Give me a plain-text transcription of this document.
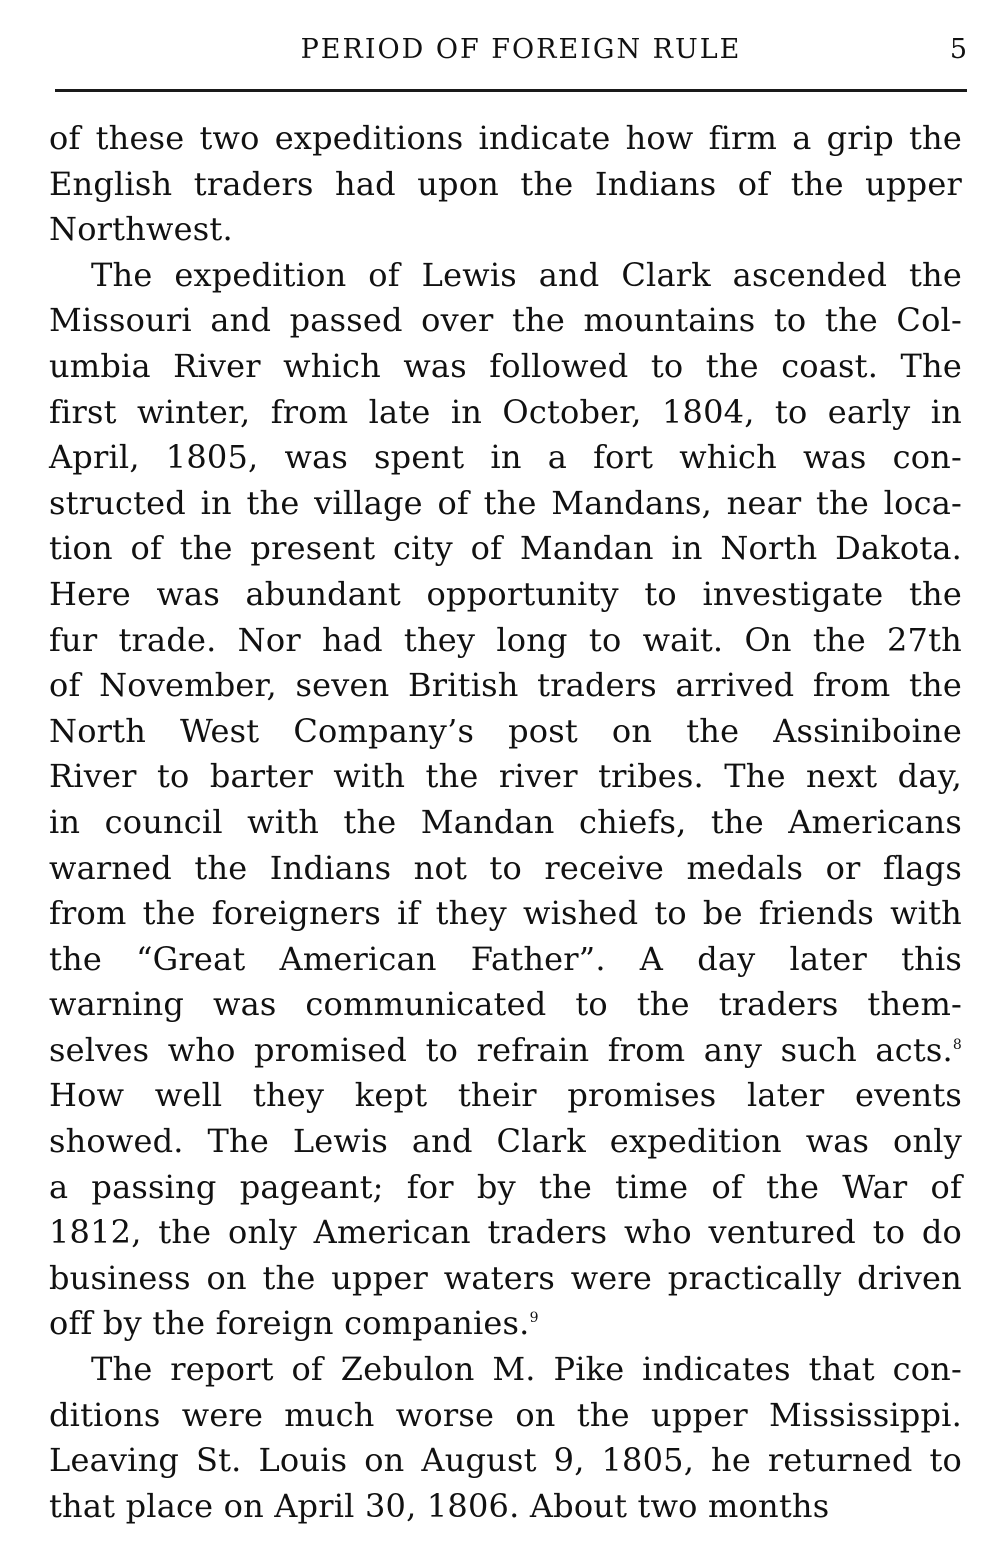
PERIOD OF FOREIGN RULE	5
of these two expeditions indicate how firm a grip the
English traders had upon the Indians of the upper
Northwest.
The expedition of Lewis and Clark ascended the
Missouri and passed over the mountains to the Col-
umbia River which was followed to the coast. The
first winter, from late in October, 1804, to early in
April, 1805, was spent in a fort which was con-
structed in the village of the Mandans, near the loca-
tion of the present city of Mandan in North Dakota.
Here was abundant opportunity to investigate the
fur trade. Nor had they long to wait. On the 27th
of November, seven British traders arrived from the
North West Company’s post on the Assiniboine
River to barter with the river tribes. The next day,
in council with the Mandan chiefs, the Americans
warned the Indians not to receive medals or flags
from the foreigners if they wished to be friends with
the “Great American Father”. A day later this
warning was communicated to the traders them-
selves who promised to refrain from any such acts.$^8$
How well they kept their promises later events
showed. The Lewis and Clark expedition was only
a passing pageant; for by the time of the War of
1812, the only American traders who ventured to do
business on the upper waters were practically driven
off by the foreign companies.$^9$
The report of Zebulon M. Pike indicates that con-
ditions were much worse on the upper Mississippi.
Leaving St. Louis on August 9, 1805, he returned to
that place on April 30, 1806. About two months
